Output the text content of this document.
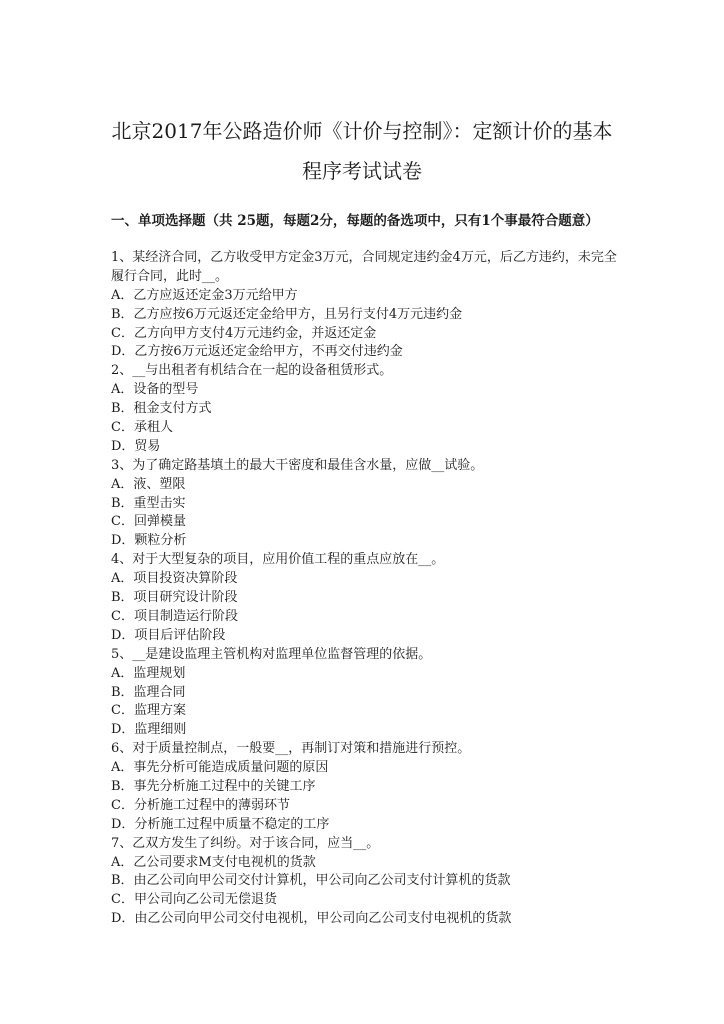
北京2017年公路造价师《计价与控制》：定额计价的基本
程序考试试卷
一、单项选择题（共 25题，每题2分，每题的备选项中，只有1个事最符合题意）
1、某经济合同，乙方收受甲方定金3万元，合同规定违约金4万元，后乙方违约，未完全履行合同，此时__。
A．乙方应返还定金3万元给甲方
B．乙方应按6万元返还定金给甲方，且另行支付4万元违约金
C．乙方向甲方支付4万元违约金，并返还定金
D．乙方按6万元返还定金给甲方，不再交付违约金
2、__与出租者有机结合在一起的设备租赁形式。
A．设备的型号
B．租金支付方式
C．承租人
D．贸易
3、为了确定路基填土的最大干密度和最佳含水量，应做__试验。
A．液、塑限
B．重型击实
C．回弹模量
D．颗粒分析
4、对于大型复杂的项目，应用价值工程的重点应放在__。
A．项目投资决算阶段
B．项目研究设计阶段
C．项目制造运行阶段
D．项目后评估阶段
5、__是建设监理主管机构对监理单位监督管理的依据。
A．监理规划
B．监理合同
C．监理方案
D．监理细则
6、对于质量控制点，一般要__，再制订对策和措施进行预控。
A．事先分析可能造成质量问题的原因
B．事先分析施工过程中的关键工序
C．分析施工过程中的薄弱环节
D．分析施工过程中质量不稳定的工序
7、乙双方发生了纠纷。对于该合同，应当__。
A．乙公司要求M支付电视机的货款
B．由乙公司向甲公司交付计算机，甲公司向乙公司支付计算机的货款
C．甲公司向乙公司无偿退货
D．由乙公司向甲公司交付电视机，甲公司向乙公司支付电视机的货款
